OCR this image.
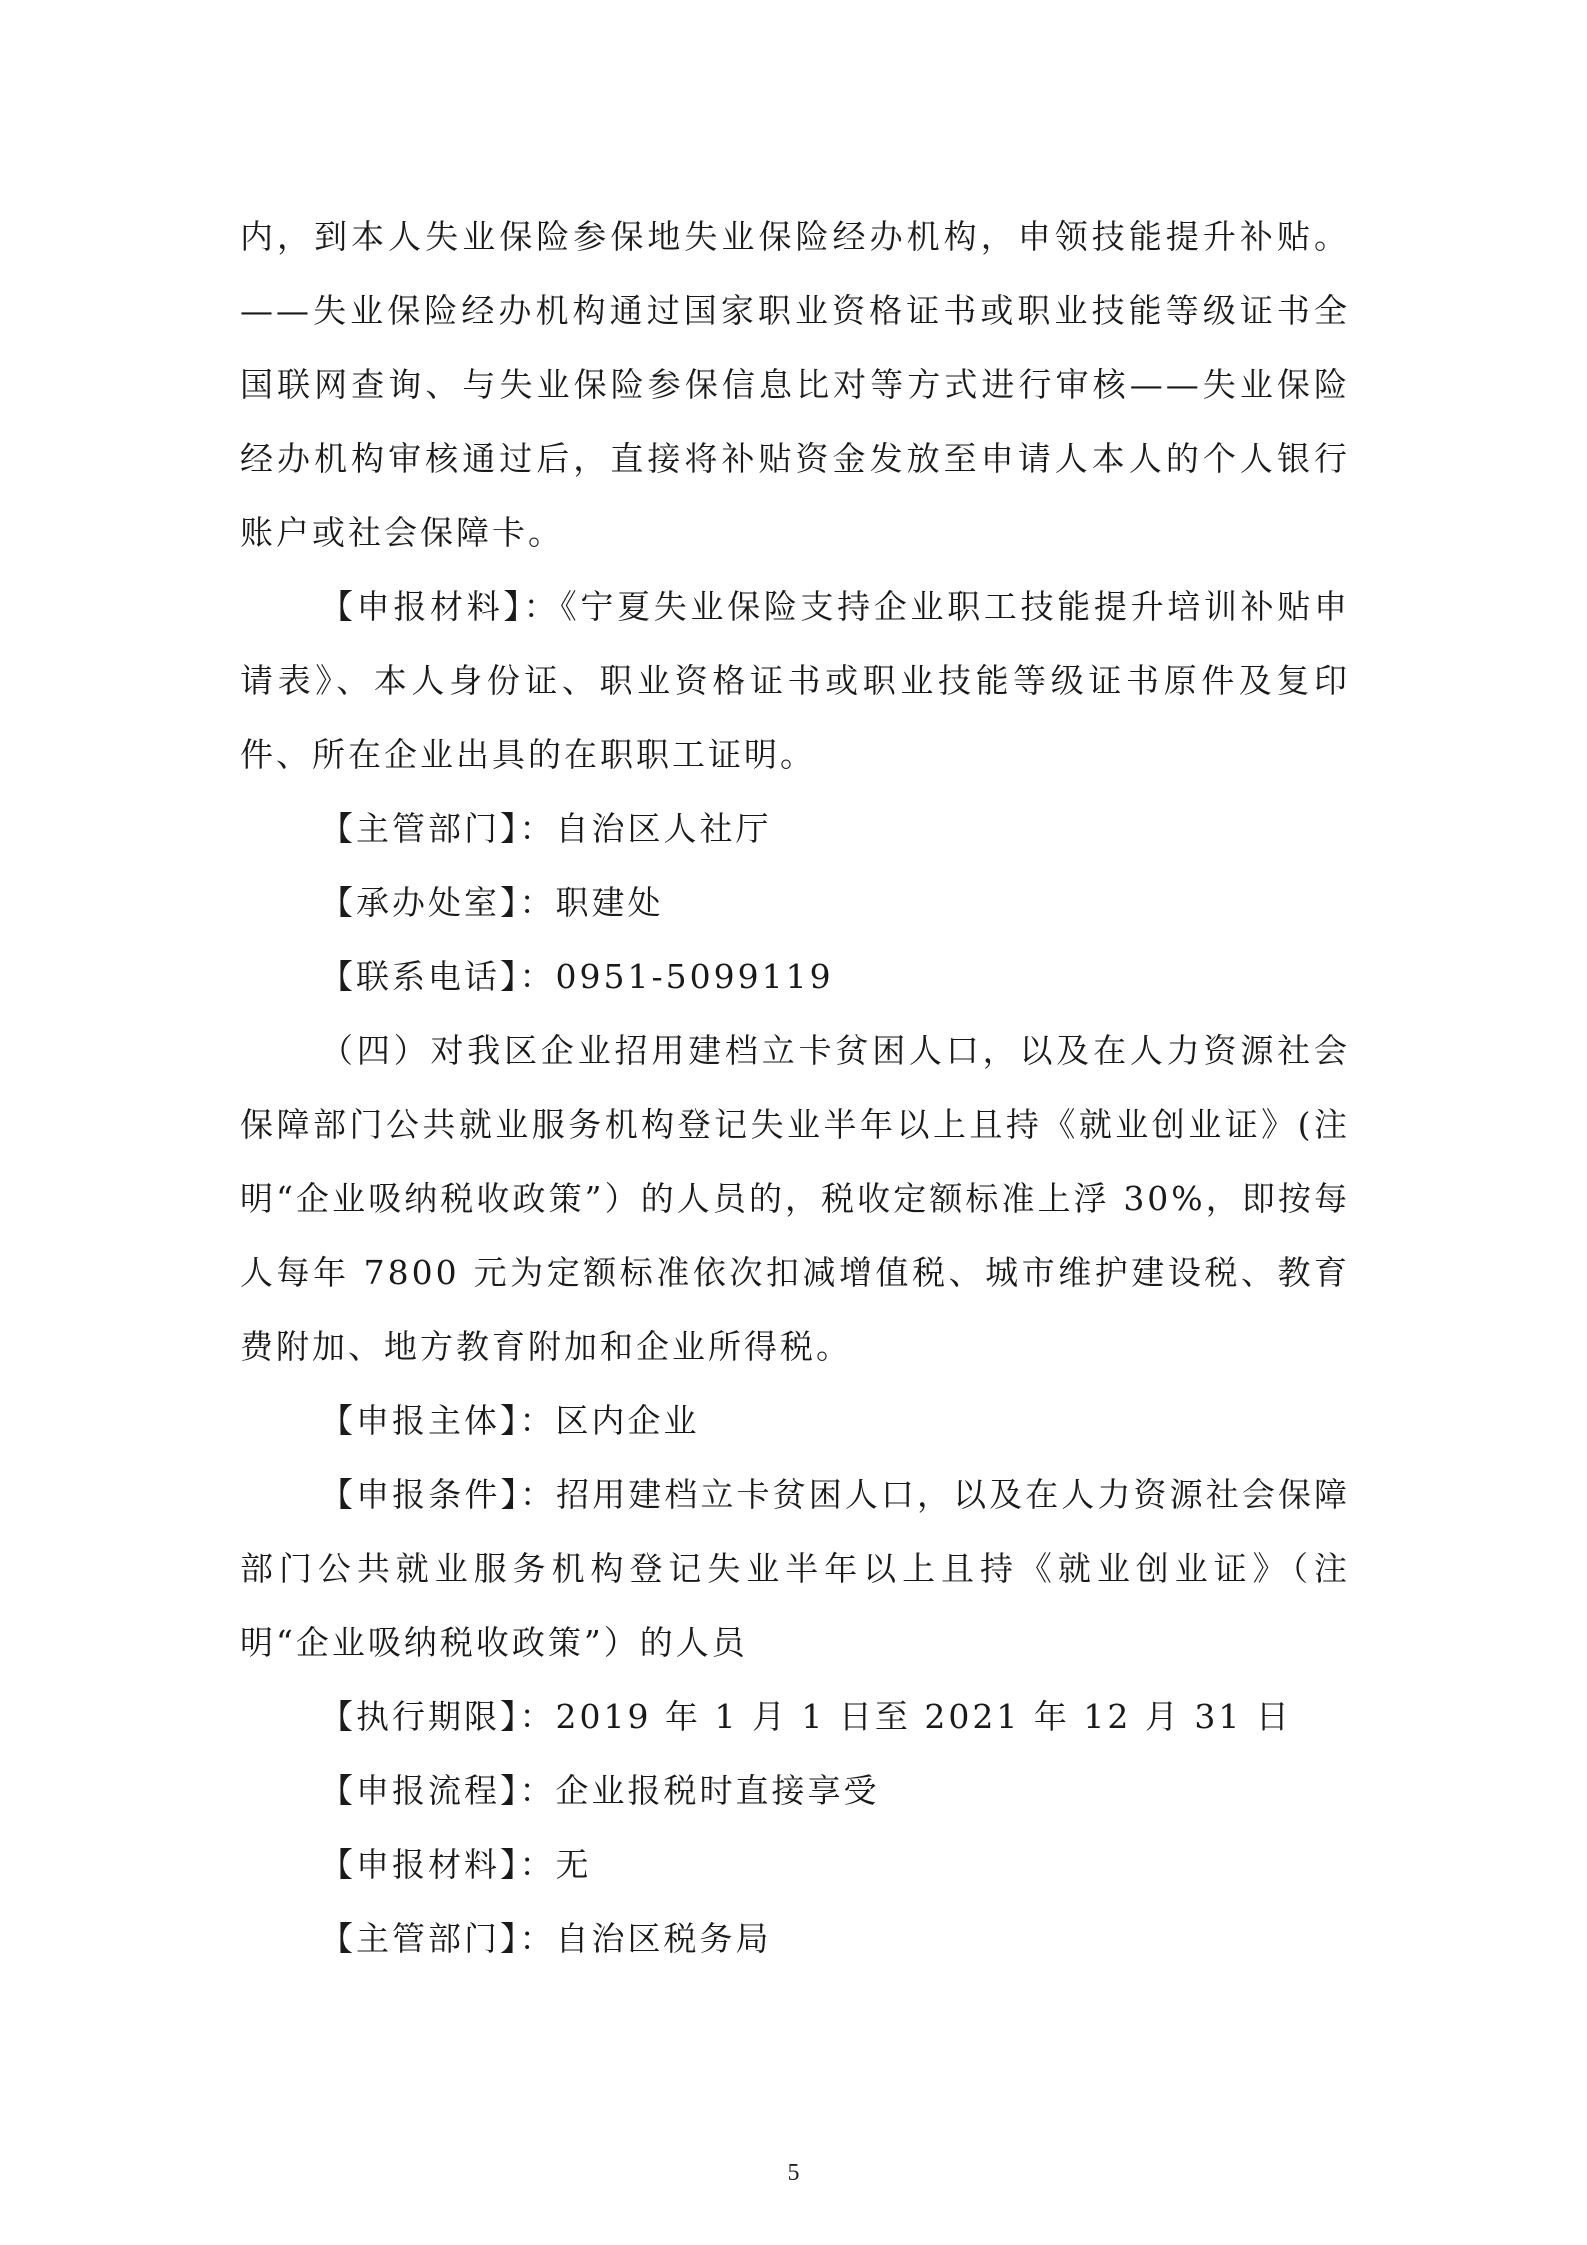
内，到本人失业保险参保地失业保险经办机构，申领技能提升补贴。——失业保险经办机构通过国家职业资格证书或职业技能等级证书全国联网查询、与失业保险参保信息比对等方式进行审核——失业保险经办机构审核通过后，直接将补贴资金发放至申请人本人的个人银行账户或社会保障卡。

【申报材料】：《宁夏失业保险支持企业职工技能提升培训补贴申请表》、本人身份证、职业资格证书或职业技能等级证书原件及复印件、所在企业出具的在职职工证明。

【主管部门】：自治区人社厅

【承办处室】：职建处

【联系电话】：0951-5099119

（四）对我区企业招用建档立卡贫困人口，以及在人力资源社会保障部门公共就业服务机构登记失业半年以上且持《就业创业证》(注明“企业吸纳税收政策”）的人员的，税收定额标准上浮 30%，即按每人每年 7800 元为定额标准依次扣减增值税、城市维护建设税、教育费附加、地方教育附加和企业所得税。

【申报主体】：区内企业

【申报条件】：招用建档立卡贫困人口，以及在人力资源社会保障部门公共就业服务机构登记失业半年以上且持《就业创业证》（注明“企业吸纳税收政策”）的人员

【执行期限】：2019 年 1 月 1 日至 2021 年 12 月 31 日

【申报流程】：企业报税时直接享受

【申报材料】：无

【主管部门】：自治区税务局

5
